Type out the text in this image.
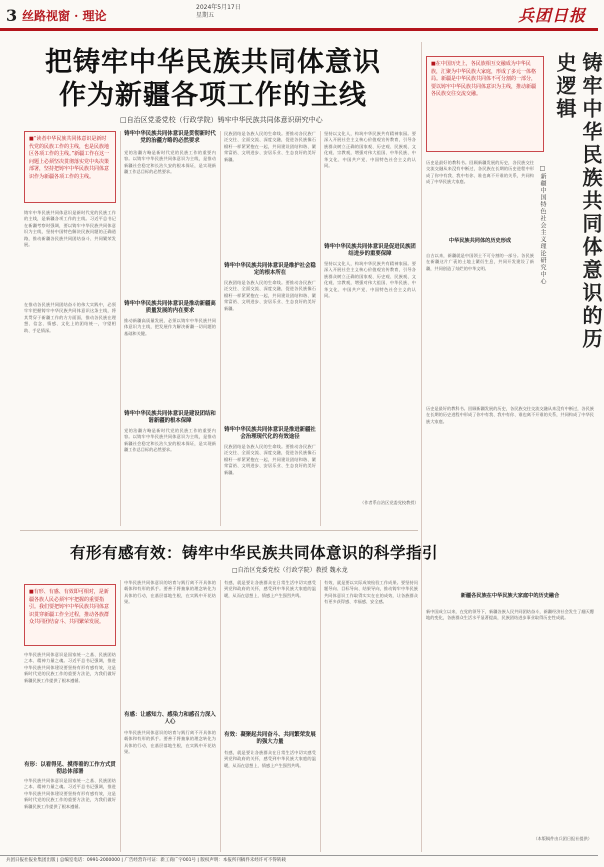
3 丝路视窗 · 理论
2024年5月17日
星期五	兵团日报
把铸牢中华民族共同体意识
作为新疆各项工作的主线
□自治区党委党校（行政学院）铸牢中华民族共同体意识研究中心
■ “读者中华民族共同体意识是新时代党的民族工作的主线，也是民族地区各项工作的主线。”新疆工作在这一问题上必须坚决贯彻落实党中央决策部署，坚持把铸牢中华民族共同体意识作为新疆各项工作的主线。
铸牢中华民族共同体意识是新时代党的民族工作的主线，是新疆各项工作的主线。习近平总书记在新疆考察时强调，要以铸牢中华民族共同体意识为主线，坚持中国特色解决民族问题的正确道路，推动新疆各民族共同团结奋斗、共同繁荣发展。
在推动各民族共同团结奋斗的伟大实践中，必须牢牢把握铸牢中华民族共同体意识这条主线，将其贯穿于新疆工作的方方面面，推动各民族在理想、信念、情感、文化上的团结统一，守望相助、手足情深。
铸牢中华民族共同体意识是贯彻新时代党的治疆方略的必然要求
党的治疆方略是新时代党的民族工作的重要内容。以铸牢中华民族共同体意识为主线，是推动新疆社会稳定和长治久安的根本保证，是实现新疆工作总目标的必然要求。
铸牢中华民族共同体意识是推动新疆高质量发展的内在要求
推动新疆高质量发展，必须以铸牢中华民族共同体意识为主线，把发展作为解决新疆一切问题的基础和关键。
铸牢中华民族共同体意识是建设团结和谐新疆的根本保障
党的治疆方略是新时代党的民族工作的重要内容。以铸牢中华民族共同体意识为主线，是推动新疆社会稳定和长治久安的根本保证，是实现新疆工作总目标的必然要求。
民族团结是各族人民的生命线。要推动各民族广泛交往、全面交流、深度交融，促进各民族像石榴籽一样紧紧抱在一起，共同建设团结和谐、繁荣富裕、文明进步、安居乐业、生态良好的美好新疆。
铸牢中华民族共同体意识是维护社会稳定的根本所在
民族团结是各族人民的生命线。要推动各民族广泛交往、全面交流、深度交融，促进各民族像石榴籽一样紧紧抱在一起，共同建设团结和谐、繁荣富裕、文明进步、安居乐业、生态良好的美好新疆。
铸牢中华民族共同体意识是推进新疆社会治理现代化的有效途径
民族团结是各族人民的生命线。要推动各民族广泛交往、全面交流、深度交融，促进各民族像石榴籽一样紧紧抱在一起，共同建设团结和谐、繁荣富裕、文明进步、安居乐业、生态良好的美好新疆。
坚持以文化人，构筑中华民族共有精神家园。要深入开展社会主义核心价值观宣传教育，引导各族群众树立正确的国家观、历史观、民族观、文化观、宗教观，增强对伟大祖国、中华民族、中华文化、中国共产党、中国特色社会主义的认同。
铸牢中华民族共同体意识是促进民族团结进步的重要保障
坚持以文化人，构筑中华民族共有精神家园。要深入开展社会主义核心价值观宣传教育，引导各族群众树立正确的国家观、历史观、民族观、文化观、宗教观，增强对伟大祖国、中华民族、中华文化、中国共产党、中国特色社会主义的认同。
（作者系自治区党委党校教授）
■ 在中国历史上，各民族相互交融成为中华民族，汇聚为中华民族大家庭，形成了多元一体格局。新疆是中华民族共同体不可分割的一部分，要以铸牢中华民族共同体意识为主线，推动新疆各民族交往交流交融。	铸牢中华民族共同体意识的历史逻辑
□新疆中国特色社会主义理论研究中心
历史是最好的教科书。回顾新疆发展的历史，各民族交往交流交融从来没有中断过，各民族在长期的历史进程中形成了你中有我、我中有你、谁也离不开谁的关系，共同构成了中华民族大家庭。
中华民族共同体的历史形成
自古以来，新疆就是中国领土不可分割的一部分。各民族在新疆这片广袤的土地上繁衍生息，共同开发建设了新疆，共同创造了灿烂的中华文明。
历史是最好的教科书。回顾新疆发展的历史，各民族交往交流交融从来没有中断过，各民族在长期的历史进程中形成了你中有我、我中有你、谁也离不开谁的关系，共同构成了中华民族大家庭。
新疆各民族在中华民族大家庭中的历史融合
新中国成立以来，在党的领导下，新疆各族人民共同团结奋斗，新疆经济社会发生了翻天覆地的变化，各族群众生活水平显著提高，民族团结进步事业取得历史性成就。
（本版稿件由兵团日报社提供）
有形有感有效：铸牢中华民族共同体意识的科学指引
□自治区党委党校（行政学院）教授 魏永龙
■ 有形、有感、有效即可相对，是新疆各族人民必须牢牢把握的重要指引。我们要把铸牢中华民族共同体意识贯穿新疆工作全过程，推动各族群众共同团结奋斗、共同繁荣发展。
中华民族共同体意识是国家统一之基、民族团结之本、精神力量之魂。习近平总书记强调，推进中华民族共同体建设要坚持有形有感有效，这是新时代党的民族工作的重要方法论，为我们做好新疆民族工作提供了根本遵循。
有形：以看得见、摸得着的工作方式贯彻总体部署
中华民族共同体意识是国家统一之基、民族团结之本、精神力量之魂。习近平总书记强调，推进中华民族共同体建设要坚持有形有感有效，这是新时代党的民族工作的重要方法论，为我们做好新疆民族工作提供了根本遵循。
中华民族共同体意识的培育与践行离不开具体的载体和有形的抓手。要善于将抽象的理念转化为具体的行动，在基层落地生根，在实践中开花结果。
有感：让感知力、感染力和感召力深入人心
中华民族共同体意识的培育与践行离不开具体的载体和有形的抓手。要善于将抽象的理念转化为具体的行动，在基层落地生根，在实践中开花结果。
有感，就是要让各族群众在日常生活中切实感受到党和政府的关怀，感受到中华民族大家庭的温暖，从而在思想上、情感上产生强烈共鸣。
有效：凝聚起共同奋斗、共同繁荣发展的强大力量
有感，就是要让各族群众在日常生活中切实感受到党和政府的关怀，感受到中华民族大家庭的温暖，从而在思想上、情感上产生强烈共鸣。
有效，就是要以实际成效检验工作成果。要坚持问题导向、目标导向、结果导向，推动铸牢中华民族共同体意识工作取得实实在在的成效，让各族群众有更多获得感、幸福感、安全感。
兵团日报社报业集团出版 | 总编室电话：0991-2000000 | 广告经营许可证：新工商广字001号 | 版权声明：本报所刊稿件未经许可不得转载
